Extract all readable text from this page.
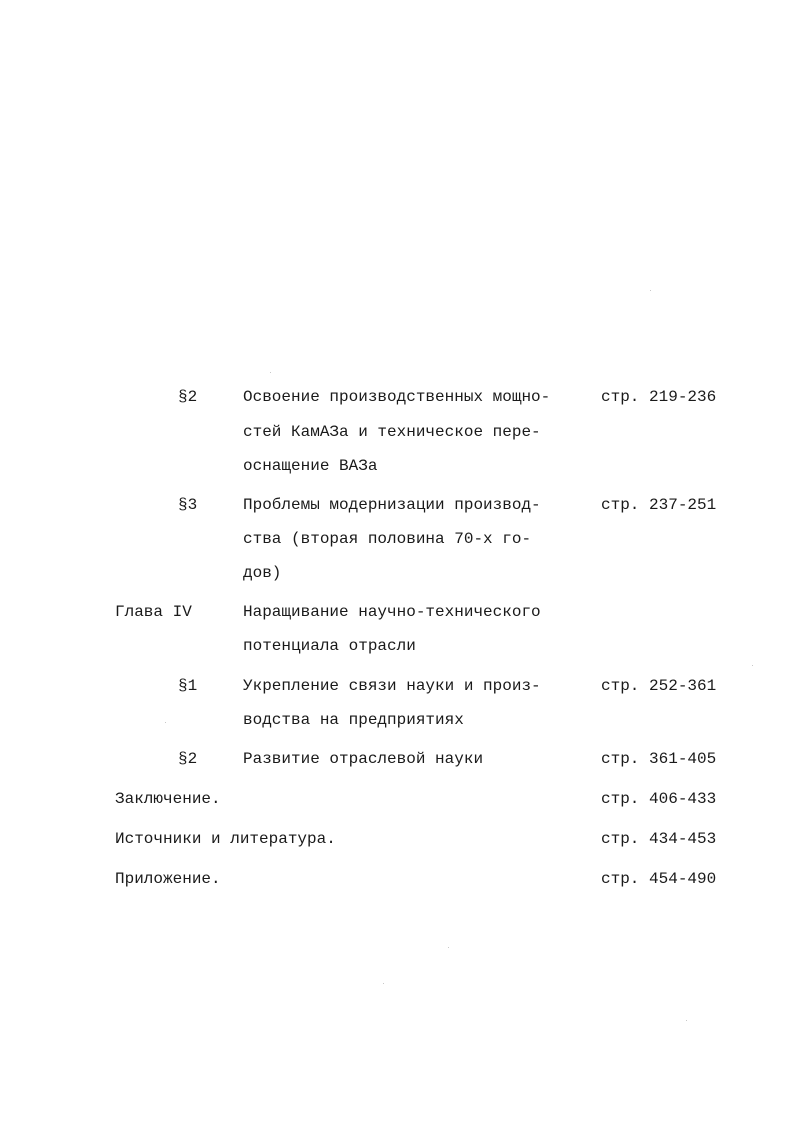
§2	Освоение производственных мощно-	стр. 219-236
стей КамАЗа и техническое пере-
оснащение ВАЗа
§3	Проблемы модернизации производ-	стр. 237-251
ства (вторая половина 70-х го-
дов)
Глава IV	Наращивание научно-технического
потенциала отрасли
§1	Укрепление связи науки и произ-	стр. 252-361
водства на предприятиях
§2	Развитие отраслевой науки	стр. 361-405
Заключение.	стр. 406-433
Источники и литература.	стр. 434-453
Приложение.	стр. 454-490
